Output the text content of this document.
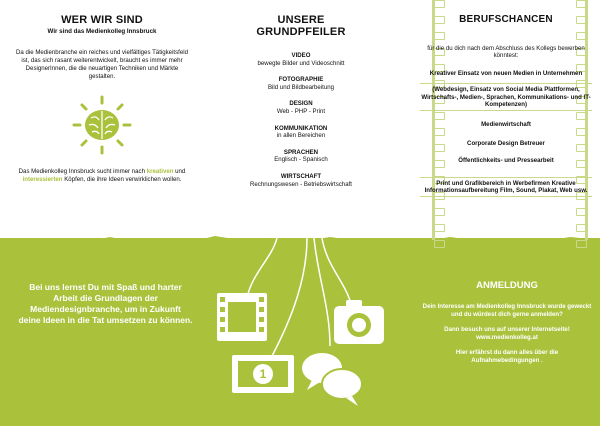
WER WIR SIND
Wir sind das Medienkolleg Innsbruck
Da die Medienbranche ein reiches und vielfältiges Tätigkeitsfeld ist, das sich rasant weiterentwickelt, braucht es immer mehr DesignerInnen, die die neuartigen Techniken und Märkte gestalten.
Das Medienkolleg Innsbruck sucht immer nach kreativen und interessierten Köpfen, die ihre Ideen verwirklichen wollen.
UNSERE
GRUNDPFEILER
VIDEO
bewegte Bilder und Videoschnitt
FOTOGRAPHIE
Bild und Bildbearbeitung
DESIGN
Web - PHP - Print
KOMMUNIKATION
in allen Bereichen
SPRACHEN
Englisch - Spanisch
WIRTSCHAFT
Rechnungswesen - Betriebswirtschaft
BERUFSCHANCEN
für die du dich nach dem Abschluss des Kollegs bewerben könntest:
Kreativer Einsatz von neuen Medien in Unternehmen
(Webdesign, Einsatz von Social Media Plattformen, Wirtschafts-, Medien-, Sprachen, Kommunikations- und IT-Kompetenzen)
Medienwirtschaft
Corporate Design Betreuer
Öffentlichkeits- und Pressearbeit
Print und Grafikbereich in Werbefirmen Kreative Informationsaufbereitung Film, Sound, Plakat, Web usw.
Bei uns lernst Du mit Spaß und harter Arbeit die Grundlagen der Mediendesignbranche, um in Zukunft deine Ideen in die Tat umsetzen zu können.
1
ANMELDUNG
Dein Interesse am Medienkolleg Innsbruck wurde geweckt und du würdest dich gerne anmelden?
Dann besuch uns auf unserer Internetseite! www.medienkolleg.at
Hier erfährst du dann alles über die Aufnahmebedingungen .
